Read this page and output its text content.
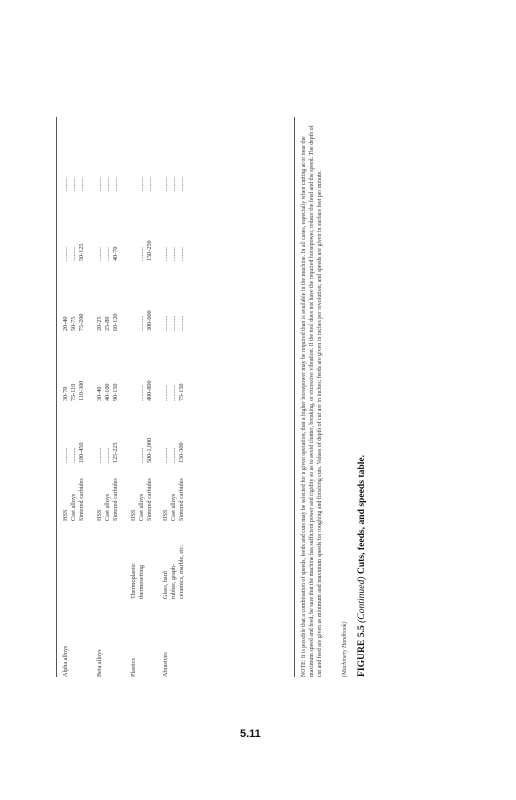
Alpha alloys
HSS
..........
30-70
20-40
.........
.........
Cast alloys
..........
75-110
50-75
.........
.........
Sintered carbides
180-450
110-300
75-200
50-125
.........
Beta alloys
HSS
..........
30-40
20-25
.........
.........
Cast alloys
..........
40-100
25-80
.........
.........
Sintered carbides
125-225
90-150
60-120
40-70
.........
Plastics
Thermoplastic
HSS
thermosetting
Cast alloys
..........
..........
..........
.........
.........
Sintered carbides
500-1,000
400-800
300-600
150-250
.........
Abrasives
Glass, hard
HSS
..........
..........
..........
.........
.........
rubber, graph-
Cast alloys
..........
..........
..........
.........
.........
ceramics, marble, etc.
Sintered carbides
150-300
75-150
..........
.........
.........	NOTE: It is possible that a combination of speeds, feeds and cuts may be selected for a given operation, that a higher horsepower may be required than is available in the machine. In all cases, especially when cutting at or near the maximum speed and feed, be sure that the machine has sufficient power and rigidity so as to avoid chatter, breaking, or excessive vibration. If the tool does not have the required horsepower, reduce the feed and the speed. The depth of cut and feed are given as minimum and maximum speeds for roughing and finishing cuts. Values of depth of cut are in inches; feeds are given in inches per revolution; and speeds are given in surface feet per minute.	(Machinery Handbook) FIGURE 5.5 (Continued) Cuts, feeds, and speeds table.
5.11
